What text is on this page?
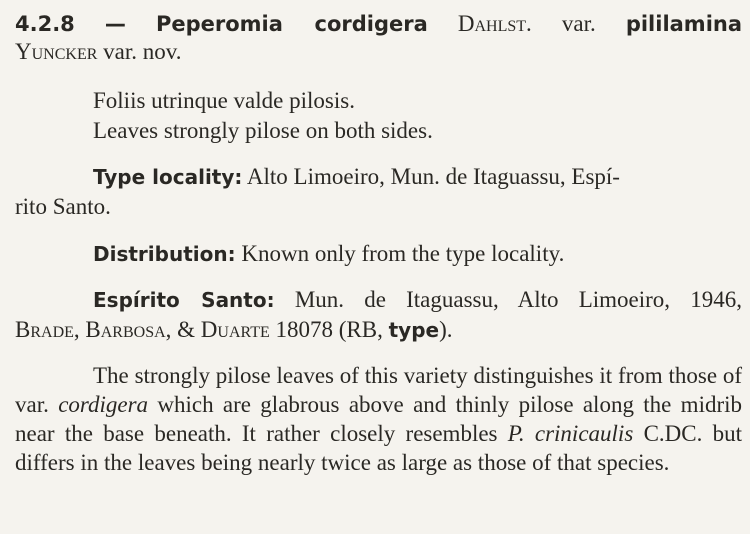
4.2.8 — Peperomia cordigera Dahlst. var. pililamina

Yuncker var. nov.

Foliis utrinque valde pilosis.
Leaves strongly pilose on both sides.

Type locality: Alto Limoeiro, Mun. de Itaguassu, Espí-
rito Santo.

Distribution: Known only from the type locality.

Espírito Santo: Mun. de Itaguassu, Alto Limoeiro, 1946,

Brade, Barbosa, & Duarte 18078 (RB, type).

The strongly pilose leaves of this variety distinguishes it from those of var. cordigera which are glabrous above and thinly pilose along the midrib near the base beneath. It rather closely resembles P. crinicaulis C.DC. but differs in the leaves being nearly twice as large as those of that species.
